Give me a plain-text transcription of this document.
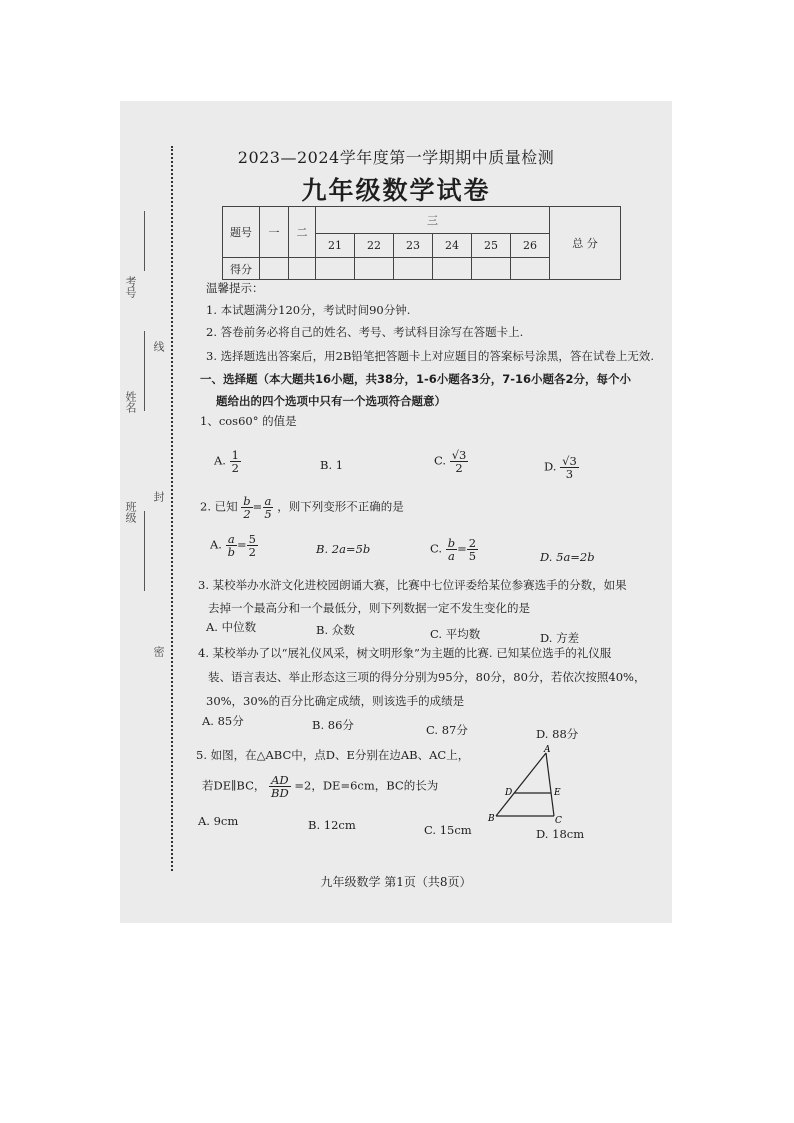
考号
姓名
班级
线
封
密
2023—2024学年度第一学期期中质量检测
九年级数学试卷
题号	一	二	三						总 分
			21	22	23	24	25	26	
得分									
温馨提示：
1. 本试题满分120分，考试时间90分钟.
2. 答卷前务必将自己的姓名、考号、考试科目涂写在答题卡上.
3. 选择题选出答案后，用2B铅笔把答题卡上对应题目的答案标号涂黑，答在试卷上无效.
一、选择题（本大题共16小题，共38分，1-6小题各3分，7-16小题各2分，每个小
题给出的四个选项中只有一个选项符合题意）
1、cos60° 的值是
A. $\frac{1}{2}$	B. 1	C. $\frac{√3}{2}$	D. $\frac{√3}{3}$
2. 已知 $\frac{b}{2} = \frac{a}{5}$ ，则下列变形不正确的是
A. $\frac{a}{b} = \frac{5}{2}$	B. 2a=5b	C. $\frac{b}{a} = \frac{2}{5}$	D. 5a=2b
3. 某校举办水浒文化进校园朗诵大赛，比赛中七位评委给某位参赛选手的分数，如果
去掉一个最高分和一个最低分，则下列数据一定不发生变化的是
A. 中位数	B. 众数	C. 平均数	D. 方差
4. 某校举办了以“展礼仪风采，树文明形象”为主题的比赛. 已知某位选手的礼仪服
装、语言表达、举止形态这三项的得分分别为95分，80分，80分，若依次按照40%，
30%，30%的百分比确定成绩，则该选手的成绩是
A. 85分	B. 86分	C. 87分	D. 88分
5. 如图，在△ABC中，点D、E分别在边AB、AC上，
若DE∥BC， $\frac{AD}{BD} =2$，DE=6cm，BC的长为
A. 9cm	B. 12cm	C. 15cm	D. 18cm
A
B	C
D	E
九年级数学 第1页（共8页）
